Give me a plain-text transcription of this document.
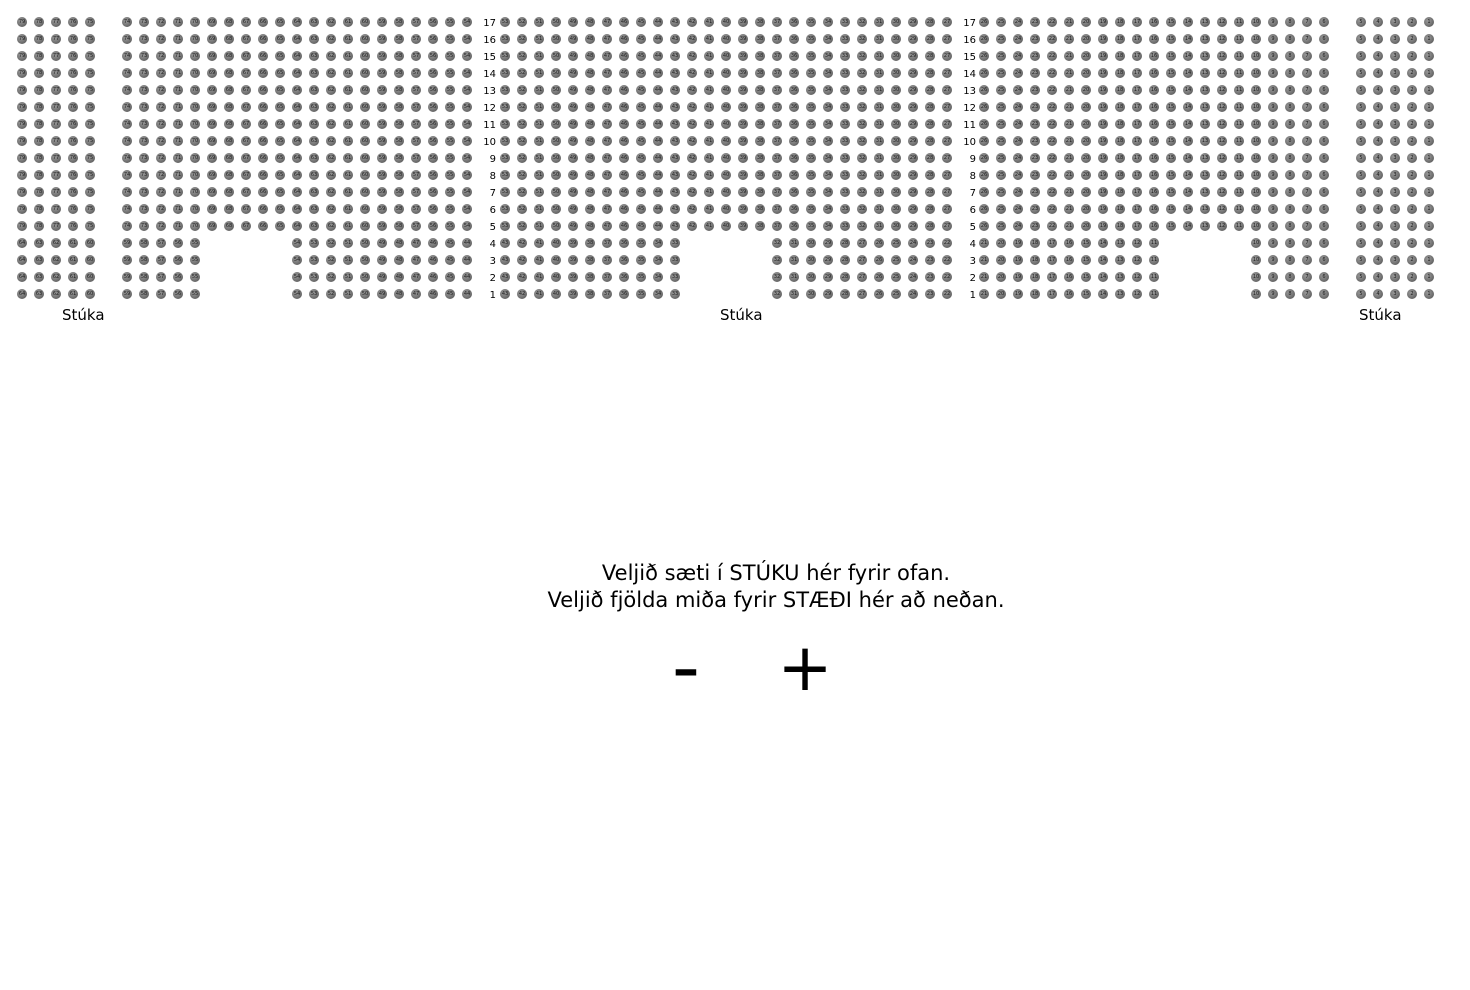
Stúka	Stúka	Stúka
79	78	77	76	75
79	78	77	76	75
79	78	77	76	75
79	78	77	76	75
79	78	77	76	75
79	78	77	76	75
79	78	77	76	75
79	78	77	76	75
79	78	77	76	75
79	78	77	76	75
79	78	77	76	75
79	78	77	76	75
79	78	77	76	75
64	63	62	61	60
64	63	62	61	60
64	63	62	61	60
64	63	62	61	60
74	73	72	71	70	69	68	67	66	65	64	63	62	61	60	59	58	57	56	55	54
74	73	72	71	70	69	68	67	66	65	64	63	62	61	60	59	58	57	56	55	54
74	73	72	71	70	69	68	67	66	65	64	63	62	61	60	59	58	57	56	55	54
74	73	72	71	70	69	68	67	66	65	64	63	62	61	60	59	58	57	56	55	54
74	73	72	71	70	69	68	67	66	65	64	63	62	61	60	59	58	57	56	55	54
74	73	72	71	70	69	68	67	66	65	64	63	62	61	60	59	58	57	56	55	54
74	73	72	71	70	69	68	67	66	65	64	63	62	61	60	59	58	57	56	55	54
74	73	72	71	70	69	68	67	66	65	64	63	62	61	60	59	58	57	56	55	54
74	73	72	71	70	69	68	67	66	65	64	63	62	61	60	59	58	57	56	55	54
74	73	72	71	70	69	68	67	66	65	64	63	62	61	60	59	58	57	56	55	54
74	73	72	71	70	69	68	67	66	65	64	63	62	61	60	59	58	57	56	55	54
74	73	72	71	70	69	68	67	66	65	64	63	62	61	60	59	58	57	56	55	54
74	73	72	71	70	69	68	67	66	65	64	63	62	61	60	59	58	57	56	55	54
59	58	57	56	55	54	53	52	51	50	49	48	47	46	45	44
59	58	57	56	55	54	53	52	51	50	49	48	47	46	45	44
59	58	57	56	55	54	53	52	51	50	49	48	47	46	45	44
59	58	57	56	55	54	53	52	51	50	49	48	47	46	45	44
53	52	51	50	49	48	47	46	45	44	43	42	41	40	39	38	37	36	35	34	33	32	31	30	29	28	27
53	52	51	50	49	48	47	46	45	44	43	42	41	40	39	38	37	36	35	34	33	32	31	30	29	28	27
53	52	51	50	49	48	47	46	45	44	43	42	41	40	39	38	37	36	35	34	33	32	31	30	29	28	27
53	52	51	50	49	48	47	46	45	44	43	42	41	40	39	38	37	36	35	34	33	32	31	30	29	28	27
53	52	51	50	49	48	47	46	45	44	43	42	41	40	39	38	37	36	35	34	33	32	31	30	29	28	27
53	52	51	50	49	48	47	46	45	44	43	42	41	40	39	38	37	36	35	34	33	32	31	30	29	28	27
53	52	51	50	49	48	47	46	45	44	43	42	41	40	39	38	37	36	35	34	33	32	31	30	29	28	27
53	52	51	50	49	48	47	46	45	44	43	42	41	40	39	38	37	36	35	34	33	32	31	30	29	28	27
53	52	51	50	49	48	47	46	45	44	43	42	41	40	39	38	37	36	35	34	33	32	31	30	29	28	27
53	52	51	50	49	48	47	46	45	44	43	42	41	40	39	38	37	36	35	34	33	32	31	30	29	28	27
53	52	51	50	49	48	47	46	45	44	43	42	41	40	39	38	37	36	35	34	33	32	31	30	29	28	27
53	52	51	50	49	48	47	46	45	44	43	42	41	40	39	38	37	36	35	34	33	32	31	30	29	28	27
53	52	51	50	49	48	47	46	45	44	43	42	41	40	39	38	37	36	35	34	33	32	31	30	29	28	27
43	42	41	40	39	38	37	36	35	34	33	32	31	30	29	28	27	26	25	24	23	22
43	42	41	40	39	38	37	36	35	34	33	32	31	30	29	28	27	26	25	24	23	22
43	42	41	40	39	38	37	36	35	34	33	32	31	30	29	28	27	26	25	24	23	22
43	42	41	40	39	38	37	36	35	34	33	32	31	30	29	28	27	26	25	24	23	22
26	25	24	23	22	21	20	19	18	17	16	15	14	13	12	11	10	9	8	7	6
26	25	24	23	22	21	20	19	18	17	16	15	14	13	12	11	10	9	8	7	6
26	25	24	23	22	21	20	19	18	17	16	15	14	13	12	11	10	9	8	7	6
26	25	24	23	22	21	20	19	18	17	16	15	14	13	12	11	10	9	8	7	6
26	25	24	23	22	21	20	19	18	17	16	15	14	13	12	11	10	9	8	7	6
26	25	24	23	22	21	20	19	18	17	16	15	14	13	12	11	10	9	8	7	6
26	25	24	23	22	21	20	19	18	17	16	15	14	13	12	11	10	9	8	7	6
26	25	24	23	22	21	20	19	18	17	16	15	14	13	12	11	10	9	8	7	6
26	25	24	23	22	21	20	19	18	17	16	15	14	13	12	11	10	9	8	7	6
26	25	24	23	22	21	20	19	18	17	16	15	14	13	12	11	10	9	8	7	6
26	25	24	23	22	21	20	19	18	17	16	15	14	13	12	11	10	9	8	7	6
26	25	24	23	22	21	20	19	18	17	16	15	14	13	12	11	10	9	8	7	6
26	25	24	23	22	21	20	19	18	17	16	15	14	13	12	11	10	9	8	7	6
21	20	19	18	17	16	15	14	13	12	11	10	9	8	7	6
21	20	19	18	17	16	15	14	13	12	11	10	9	8	7	6
21	20	19	18	17	16	15	14	13	12	11	10	9	8	7	6
21	20	19	18	17	16	15	14	13	12	11	10	9	8	7	6
5	4	3	2	1
5	4	3	2	1
5	4	3	2	1
5	4	3	2	1
5	4	3	2	1
5	4	3	2	1
5	4	3	2	1
5	4	3	2	1
5	4	3	2	1
5	4	3	2	1
5	4	3	2	1
5	4	3	2	1
5	4	3	2	1
5	4	3	2	1
5	4	3	2	1
5	4	3	2	1
5	4	3	2	1
1
2
3
4
5
6
7
8
9
10
11
12
13
14
15
16
17
1
2
3
4
5
6
7
8
9
10
11
12
13
14
15
16
17
Veljið sæti í STÚKU hér fyrir ofan.
Veljið fjölda miða fyrir STÆÐI hér að neðan.
- +
